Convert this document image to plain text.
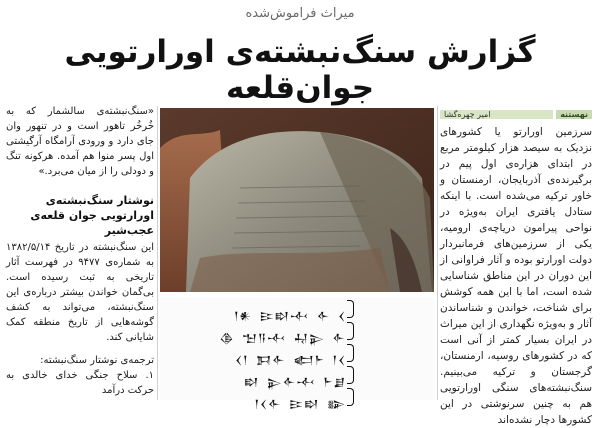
میراث فراموش‌شده
گزارش سنگ‌نبشته‌ی اورارتویی جوان‌قلعه
نهستنه
امیر چهره‌گشا
سرزمین اورارتو یا کشورهای نزدیک به سیصد هزار کیلومتر مربع در ابتدای هزاره‌ی اول پیم در برگیرنده‌ی آذربایجان، ارمنستان و خاور ترکیه می‌شده است. با اینکه ستادل یافتری ایران به‌ویژه در نواحی پیرامون دریاچه‌ی ارومیه، یکی از سرزمین‌های فرمانبردار دولت اورارتو بوده و آثار فراوانی از این دوران در این مناطق شناسایی شده است، اما با این همه کوشش برای شناخت، خواندن و شناساندن آثار و به‌ویژه نگهداری از این میراث در ایران بسیار کمتر از آنی است که در کشورهای روسیه، ارمنستان، گرجستان و ترکیه می‌بینیم. سنگ‌نبشته‌های سنگی اورارتویی هم به چنین سرنوشتی در این کشورها دچار نشده‌اند
𒁹𒀭 𒄿𒊭𒋾 𒅆 𒌋
𒆠 𒈠𒀀𒋾 𒄷𒉌 𒅆
𒌋𒁹 𒁕𒅆 𒅗𒈨 𒁹𒌋
𒊭 𒉌𒅆𒋾 𒈨𒋗
𒁹𒌋𒅆 𒄿𒊭 𒅔

«سنگ‌نبشته‌ی سالشمار که به خُرخُر تاهور است و در تنهور وان جای دارد و ورودی آرامگاه آرگیشتی اول پسر منوا هم آمده. هرکونه تنگ و دودلی را از میان می‌برد.»

نوشتار سنگ‌نبشته‌ی اورارتویی جوان قلعه‌ی عجب‌شیر

این سنگ‌نبشته در تاریخ ۱۳۸۲/۵/۱۴ به شماره‌ی ۹۴۷۷ در فهرست آثار تاریخی به ثبت رسیده است. بی‌گمان خواندن بیشتر درباره‌ی این سنگ‌نبشته، می‌تواند به کشف گوشه‌هایی از تاریخ منطقه کمک شایانی کند.

ترجمه‌ی نوشتار سنگ‌نبشته:

۱. سلاح جنگی خدای خالدی به حرکت درآمد
